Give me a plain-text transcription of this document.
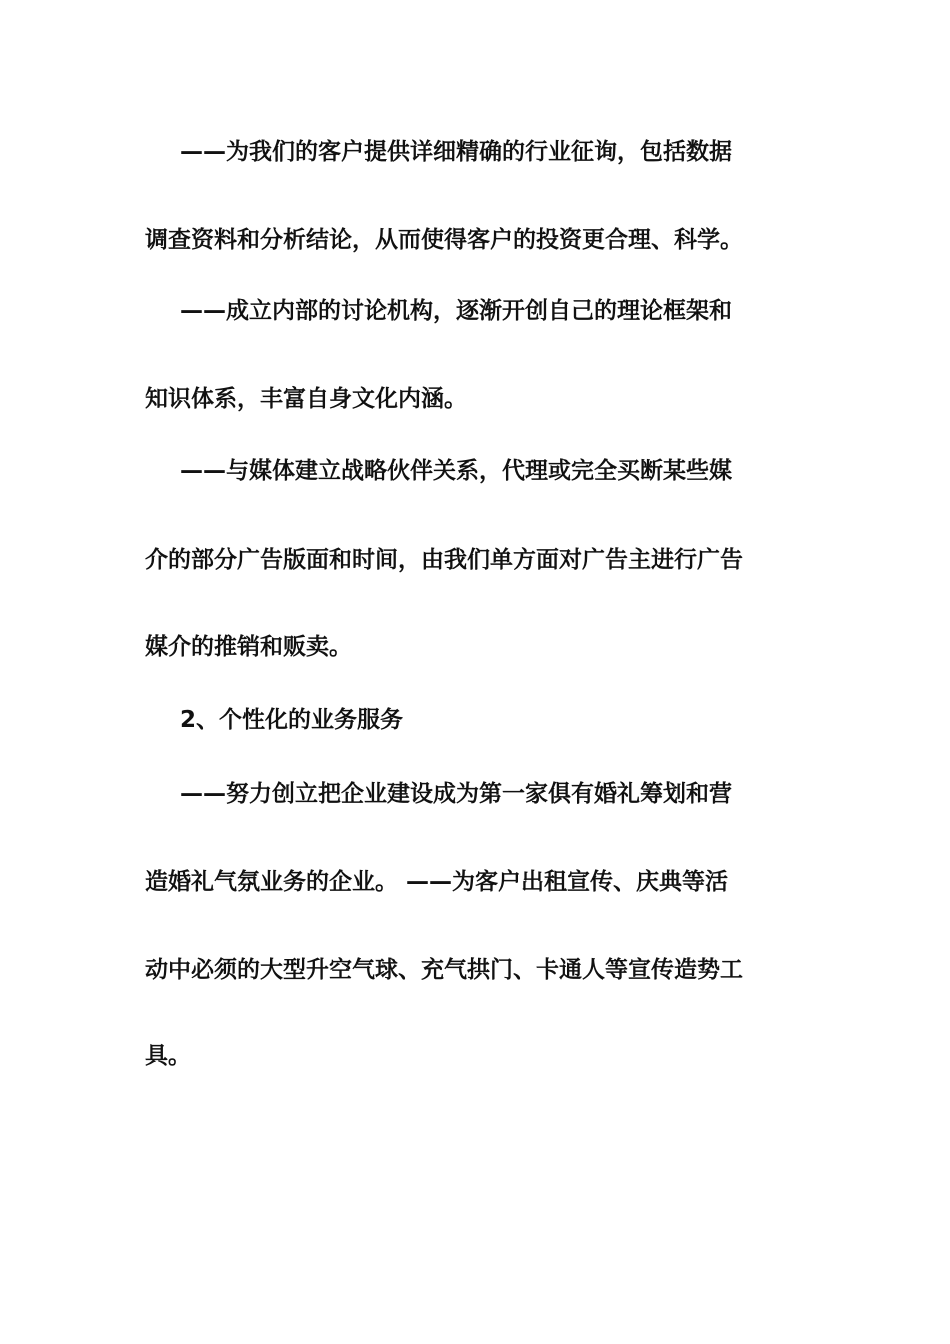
——为我们的客户提供详细精确的行业征询，包括数据
调查资料和分析结论，从而使得客户的投资更合理、科学。
——成立内部的讨论机构，逐渐开创自己的理论框架和
知识体系，丰富自身文化内涵。
——与媒体建立战略伙伴关系，代理或完全买断某些媒
介的部分广告版面和时间，由我们单方面对广告主进行广告
媒介的推销和贩卖。
2、个性化的业务服务
——努力创立把企业建设成为第一家俱有婚礼筹划和营
造婚礼气氛业务的企业。 ——为客户出租宣传、庆典等活
动中必须的大型升空气球、充气拱门、卡通人等宣传造势工
具。
